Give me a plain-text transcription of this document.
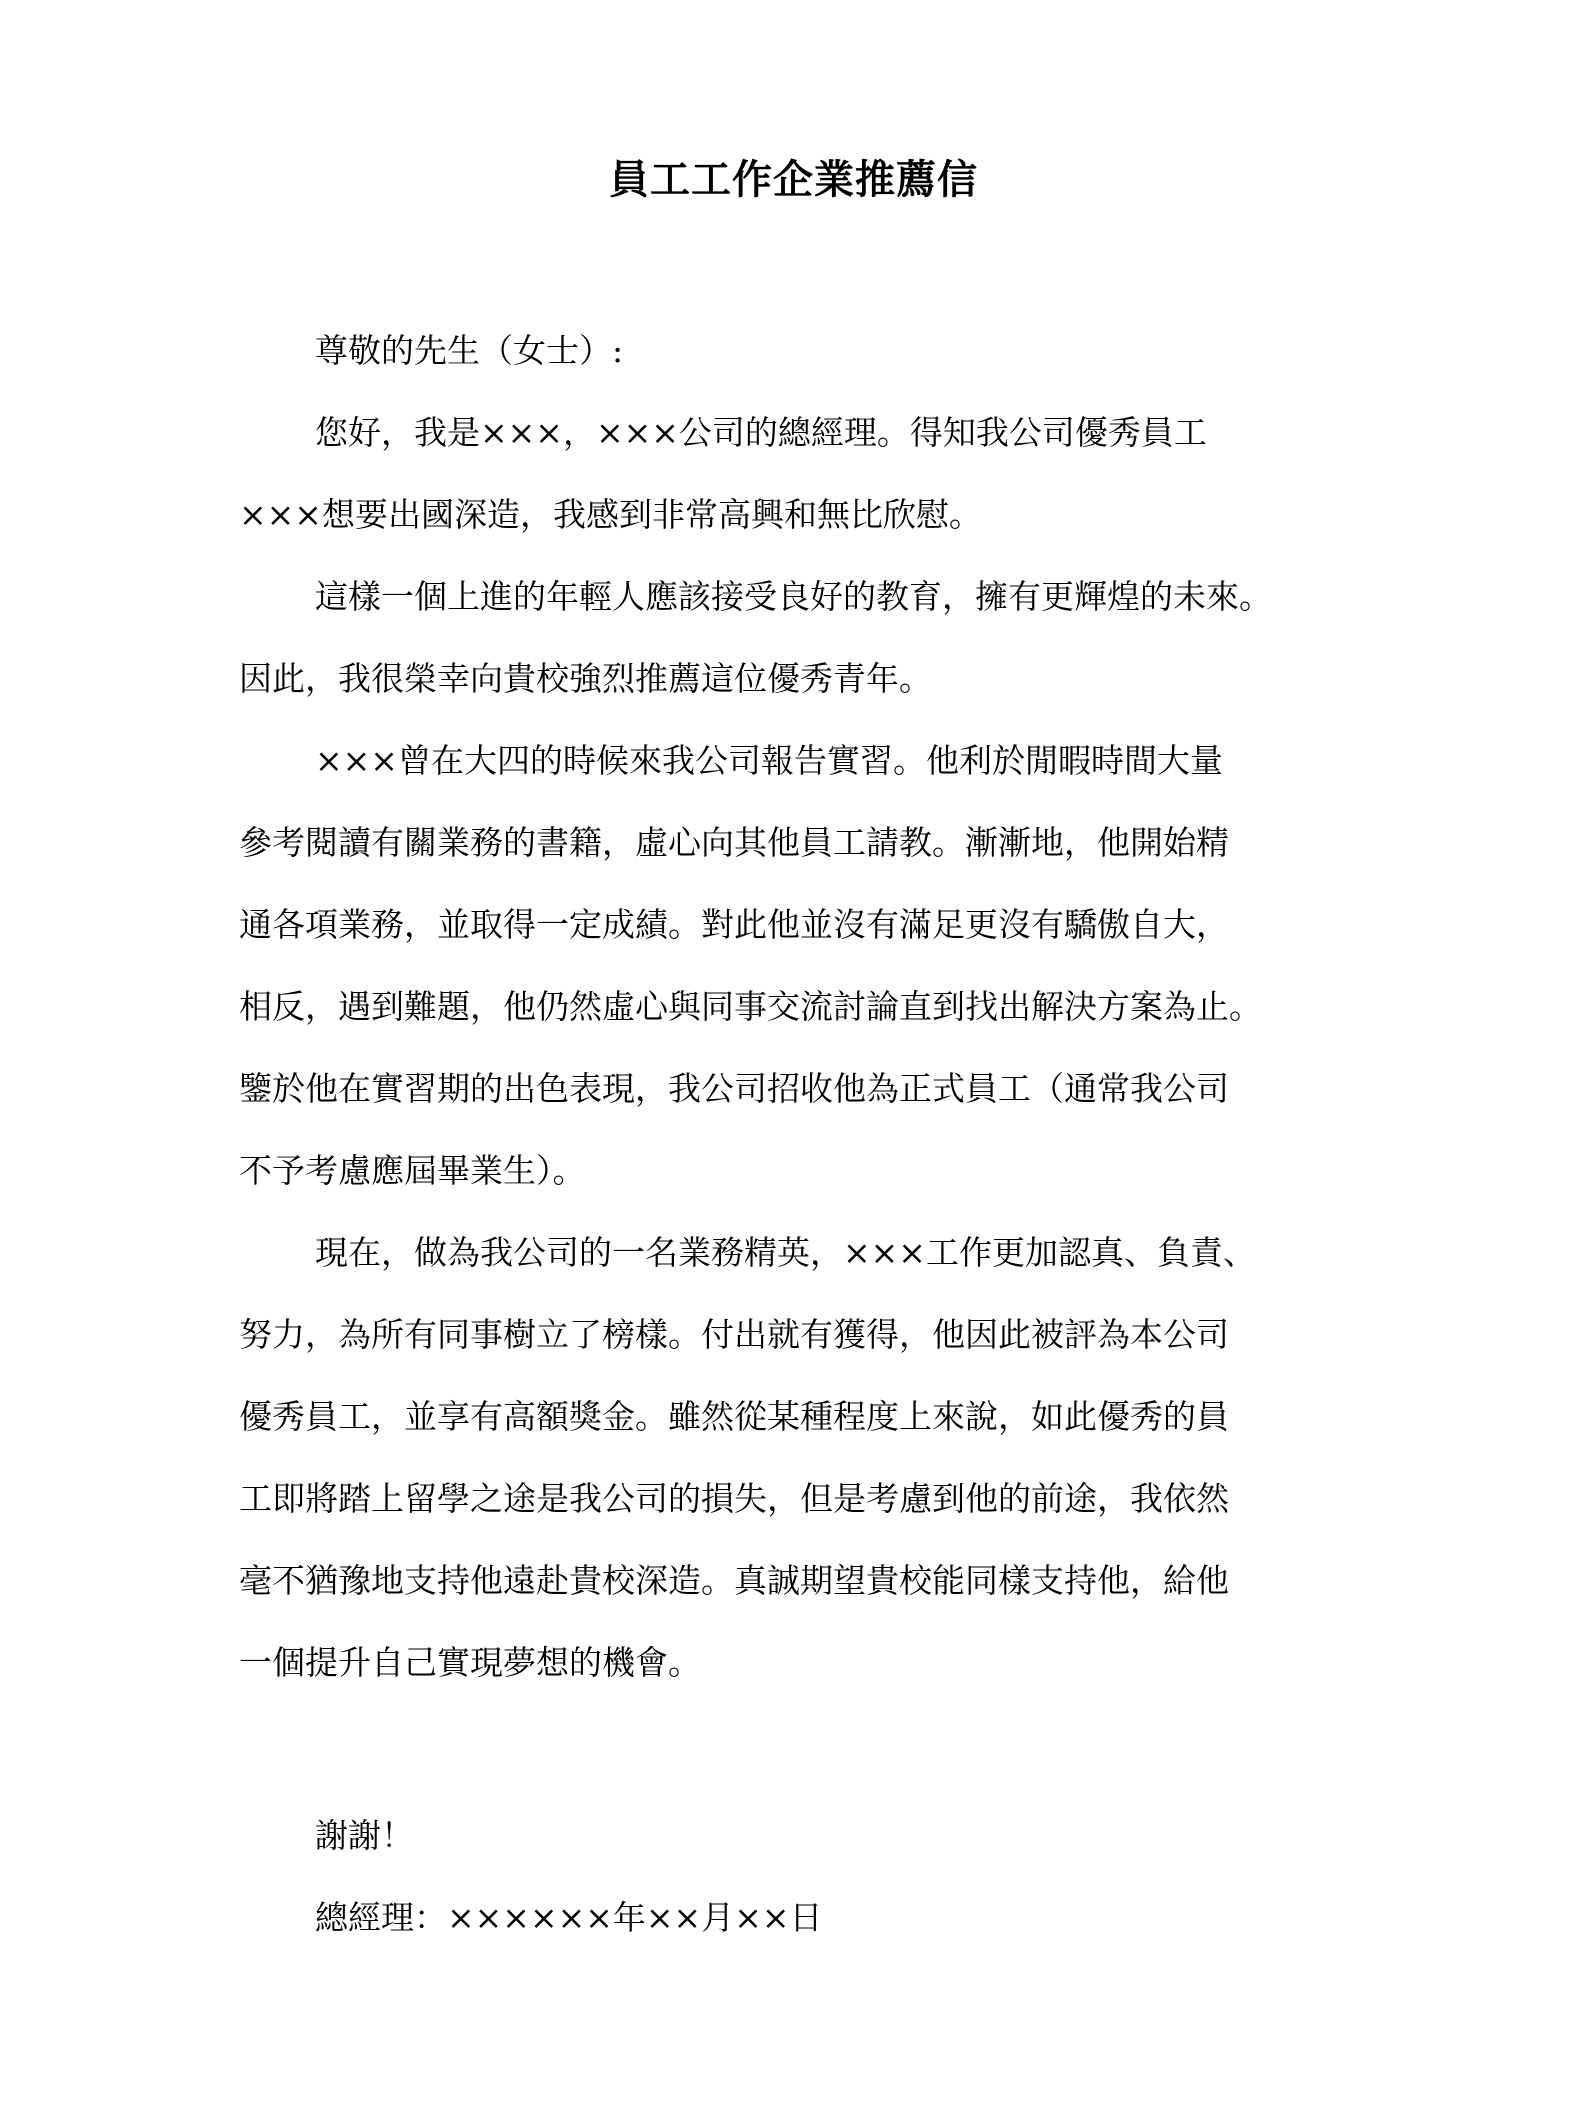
員工工作企業推薦信
尊敬的先生（女士）:
您好，我是×××，×××公司的總經理。得知我公司優秀員工
×××想要出國深造，我感到非常高興和無比欣慰。
這樣一個上進的年輕人應該接受良好的教育，擁有更輝煌的未來。
因此，我很榮幸向貴校強烈推薦這位優秀青年。
×××曾在大四的時候來我公司報告實習。他利於閒暇時間大量
參考閱讀有關業務的書籍，虛心向其他員工請教。漸漸地，他開始精
通各項業務，並取得一定成績。對此他並沒有滿足更沒有驕傲自大，
相反，遇到難題，他仍然虛心與同事交流討論直到找出解決方案為止。
鑒於他在實習期的出色表現，我公司招收他為正式員工（通常我公司
不予考慮應屆畢業生）。
現在，做為我公司的一名業務精英，×××工作更加認真、負責、
努力，為所有同事樹立了榜樣。付出就有獲得，他因此被評為本公司
優秀員工，並享有高額獎金。雖然從某種程度上來說，如此優秀的員
工即將踏上留學之途是我公司的損失，但是考慮到他的前途，我依然
毫不猶豫地支持他遠赴貴校深造。真誠期望貴校能同樣支持他，給他
一個提升自己實現夢想的機會。
謝謝！
總經理：××××××年××月××日
